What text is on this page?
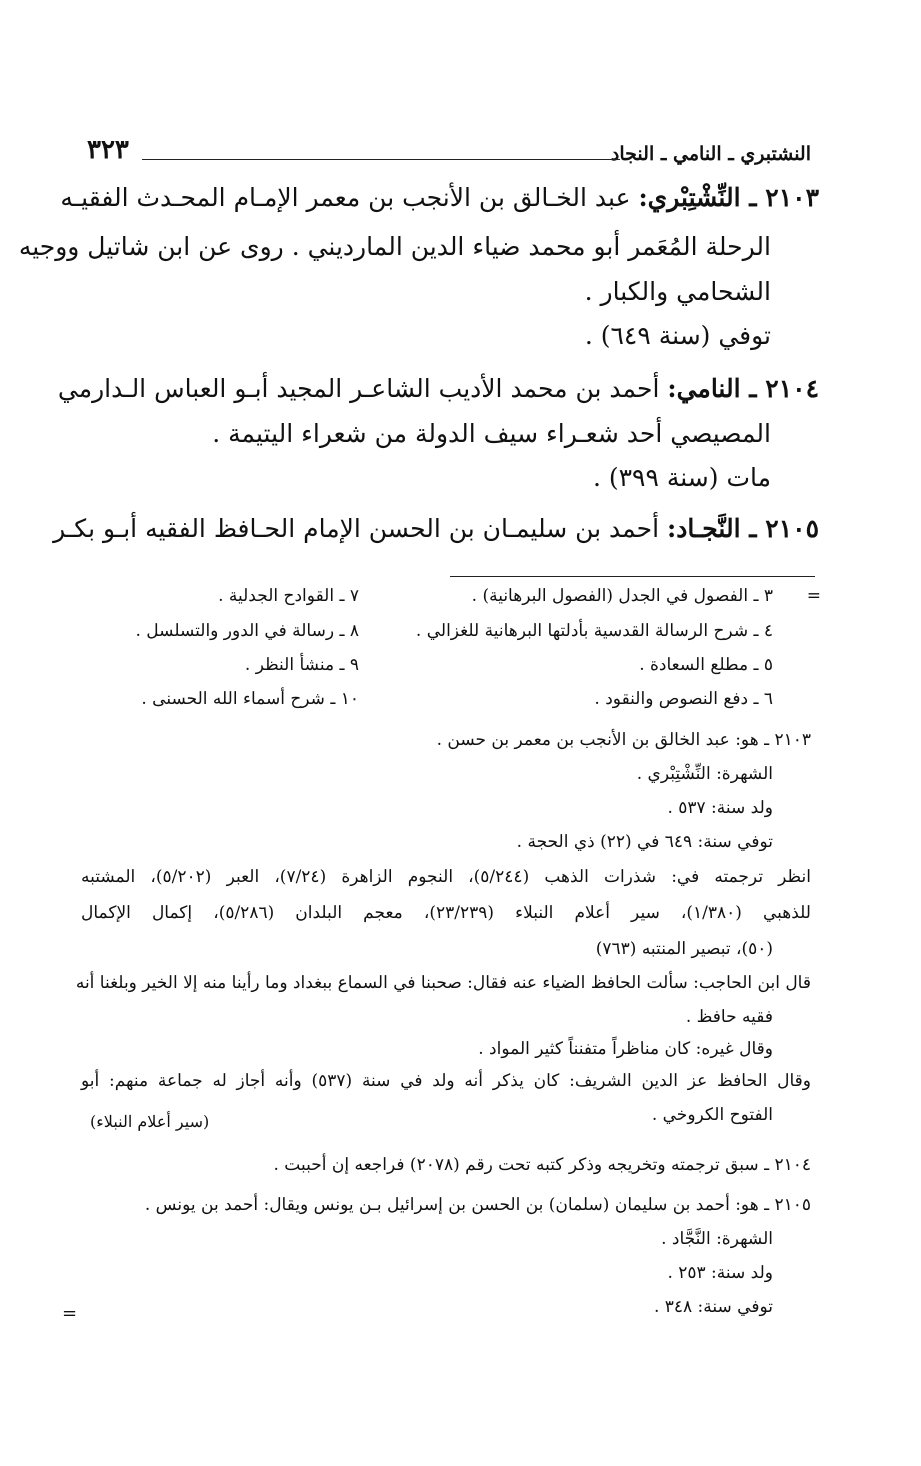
النشتبري ـ النامي ـ النجاد
٣٢٣
٢١٠٣ ـ النِّشْتِبْري: عبد الخـالق بن الأنجب بن معمر الإمـام المحـدث الفقيـه
الرحلة المُعَمر أبو محمد ضياء الدين المارديني . روى عن ابن شاتيل ووجيه
الشحامي والكبار .
توفي (سنة ٦٤٩) .
٢١٠٤ ـ النامي: أحمد بن محمد الأديب الشاعـر المجيد أبـو العباس الـدارمي
المصيصي أحد شعـراء سيف الدولة من شعراء اليتيمة .
مات (سنة ٣٩٩) .
٢١٠٥ ـ النَّجـاد: أحمد بن سليمـان بن الحسن الإمام الحـافظ الفقيه أبـو بكـر
=
٣ ـ الفصول في الجدل (الفصول البرهانية) .
٤ ـ شرح الرسالة القدسية بأدلتها البرهانية للغزالي .
٥ ـ مطلع السعادة .
٦ ـ دفع النصوص والنقود .
٧ ـ القوادح الجدلية .
٨ ـ رسالة في الدور والتسلسل .
٩ ـ منشأ النظر .
١٠ ـ شرح أسماء الله الحسنى .
٢١٠٣ ـ هو: عبد الخالق بن الأنجب بن معمر بن حسن .
الشهرة: النِّشْتِبْري .
ولد سنة: ٥٣٧ .
توفي سنة: ٦٤٩ في (٢٢) ذي الحجة .
انظر ترجمته في: شذرات الذهب (٥/٢٤٤)، النجوم الزاهرة (٧/٢٤)، العبر (٥/٢٠٢)، المشتبه
للذهبي (١/٣٨٠)، سير أعلام النبلاء (٢٣/٢٣٩)، معجم البلدان (٥/٢٨٦)، إكمال الإكمال
(٥٠)، تبصير المنتبه (٧٦٣)
قال ابن الحاجب: سألت الحافظ الضياء عنه فقال: صحبنا في السماع ببغداد وما رأينا منه إلا الخير وبلغنا أنه
فقيه حافظ .
وقال غيره: كان مناظراً متفنناً كثير المواد .
وقال الحافظ عز الدين الشريف: كان يذكر أنه ولد في سنة (٥٣٧) وأنه أجاز له جماعة منهم: أبو
الفتوح الكروخي .
(سير أعلام النبلاء)
٢١٠٤ ـ سبق ترجمته وتخريجه وذكر كتبه تحت رقم (٢٠٧٨) فراجعه إن أحببت .
٢١٠٥ ـ هو: أحمد بن سليمان (سلمان) بن الحسن بن إسرائيل بـن يونس ويقال: أحمد بن يونس .
الشهرة: النَّجَّاد .
ولد سنة: ٢٥٣ .
توفي سنة: ٣٤٨ .
=
